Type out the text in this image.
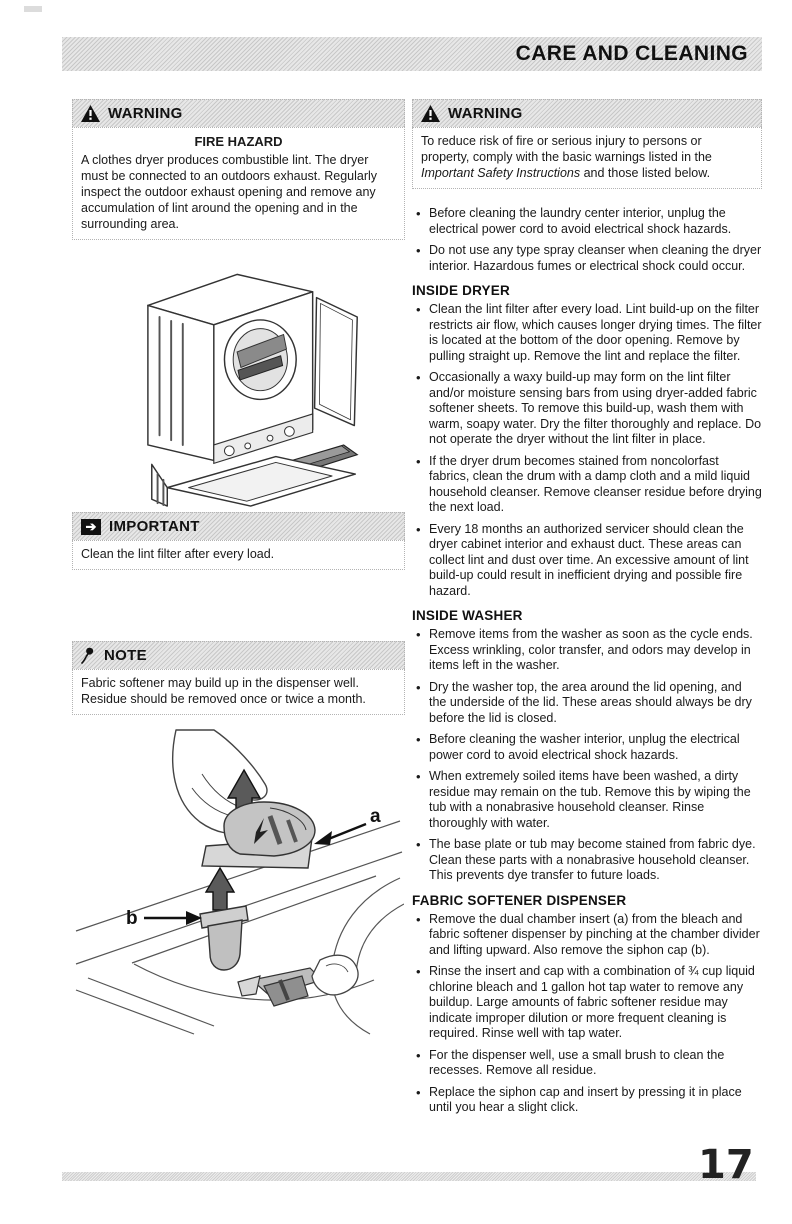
CARE AND CLEANING
WARNING
FIRE HAZARD
A clothes dryer produces combustible lint. The dryer must be connected to an outdoors exhaust. Regularly inspect the outdoor exhaust opening and remove any accumulation of lint around the opening and in the surrounding area.
➔ IMPORTANT
Clean the lint filter after every load.
NOTE
Fabric softener may build up in the dispenser well. Residue should be removed once or twice a month.
a
b
WARNING
To reduce risk of fire or serious injury to persons or property, comply with the basic warnings listed in the Important Safety Instructions and those listed below.
• Before cleaning the laundry center interior, unplug the electrical power cord to avoid electrical shock hazards.
• Do not use any type spray cleanser when cleaning the dryer interior. Hazardous fumes or electrical shock could occur.
INSIDE DRYER
• Clean the lint filter after every load. Lint build-up on the filter restricts air flow, which causes longer drying times. The filter is located at the bottom of the door opening. Remove by pulling straight up. Remove the lint and replace the filter.
• Occasionally a waxy build-up may form on the lint filter and/or moisture sensing bars from using dryer-added fabric softener sheets. To remove this build-up, wash them with warm, soapy water. Dry the filter thoroughly and replace. Do not operate the dryer without the lint filter in place.
• If the dryer drum becomes stained from noncolorfast fabrics, clean the drum with a damp cloth and a mild liquid household cleanser. Remove cleanser residue before drying the next load.
• Every 18 months an authorized servicer should clean the dryer cabinet interior and exhaust duct. These areas can collect lint and dust over time. An excessive amount of lint build-up could result in inefficient drying and possible fire hazard.
INSIDE WASHER
• Remove items from the washer as soon as the cycle ends. Excess wrinkling, color transfer, and odors may develop in items left in the washer.
• Dry the washer top, the area around the lid opening, and the underside of the lid. These areas should always be dry before the lid is closed.
• Before cleaning the washer interior, unplug the electrical power cord to avoid electrical shock hazards.
• When extremely soiled items have been washed, a dirty residue may remain on the tub. Remove this by wiping the tub with a nonabrasive household cleanser. Rinse thoroughly with water.
• The base plate or tub may become stained from fabric dye. Clean these parts with a nonabrasive household cleanser. This prevents dye transfer to future loads.
FABRIC SOFTENER DISPENSER
• Remove the dual chamber insert (a) from the bleach and fabric softener dispenser by pinching at the chamber divider and lifting upward. Also remove the siphon cap (b).
• Rinse the insert and cap with a combination of ¾ cup liquid chlorine bleach and 1 gallon hot tap water to remove any buildup. Large amounts of fabric softener residue may indicate improper dilution or more frequent cleaning is required. Rinse well with tap water.
• For the dispenser well, use a small brush to clean the recesses. Remove all residue.
• Replace the siphon cap and insert by pressing it in place until you hear a slight click.
17
